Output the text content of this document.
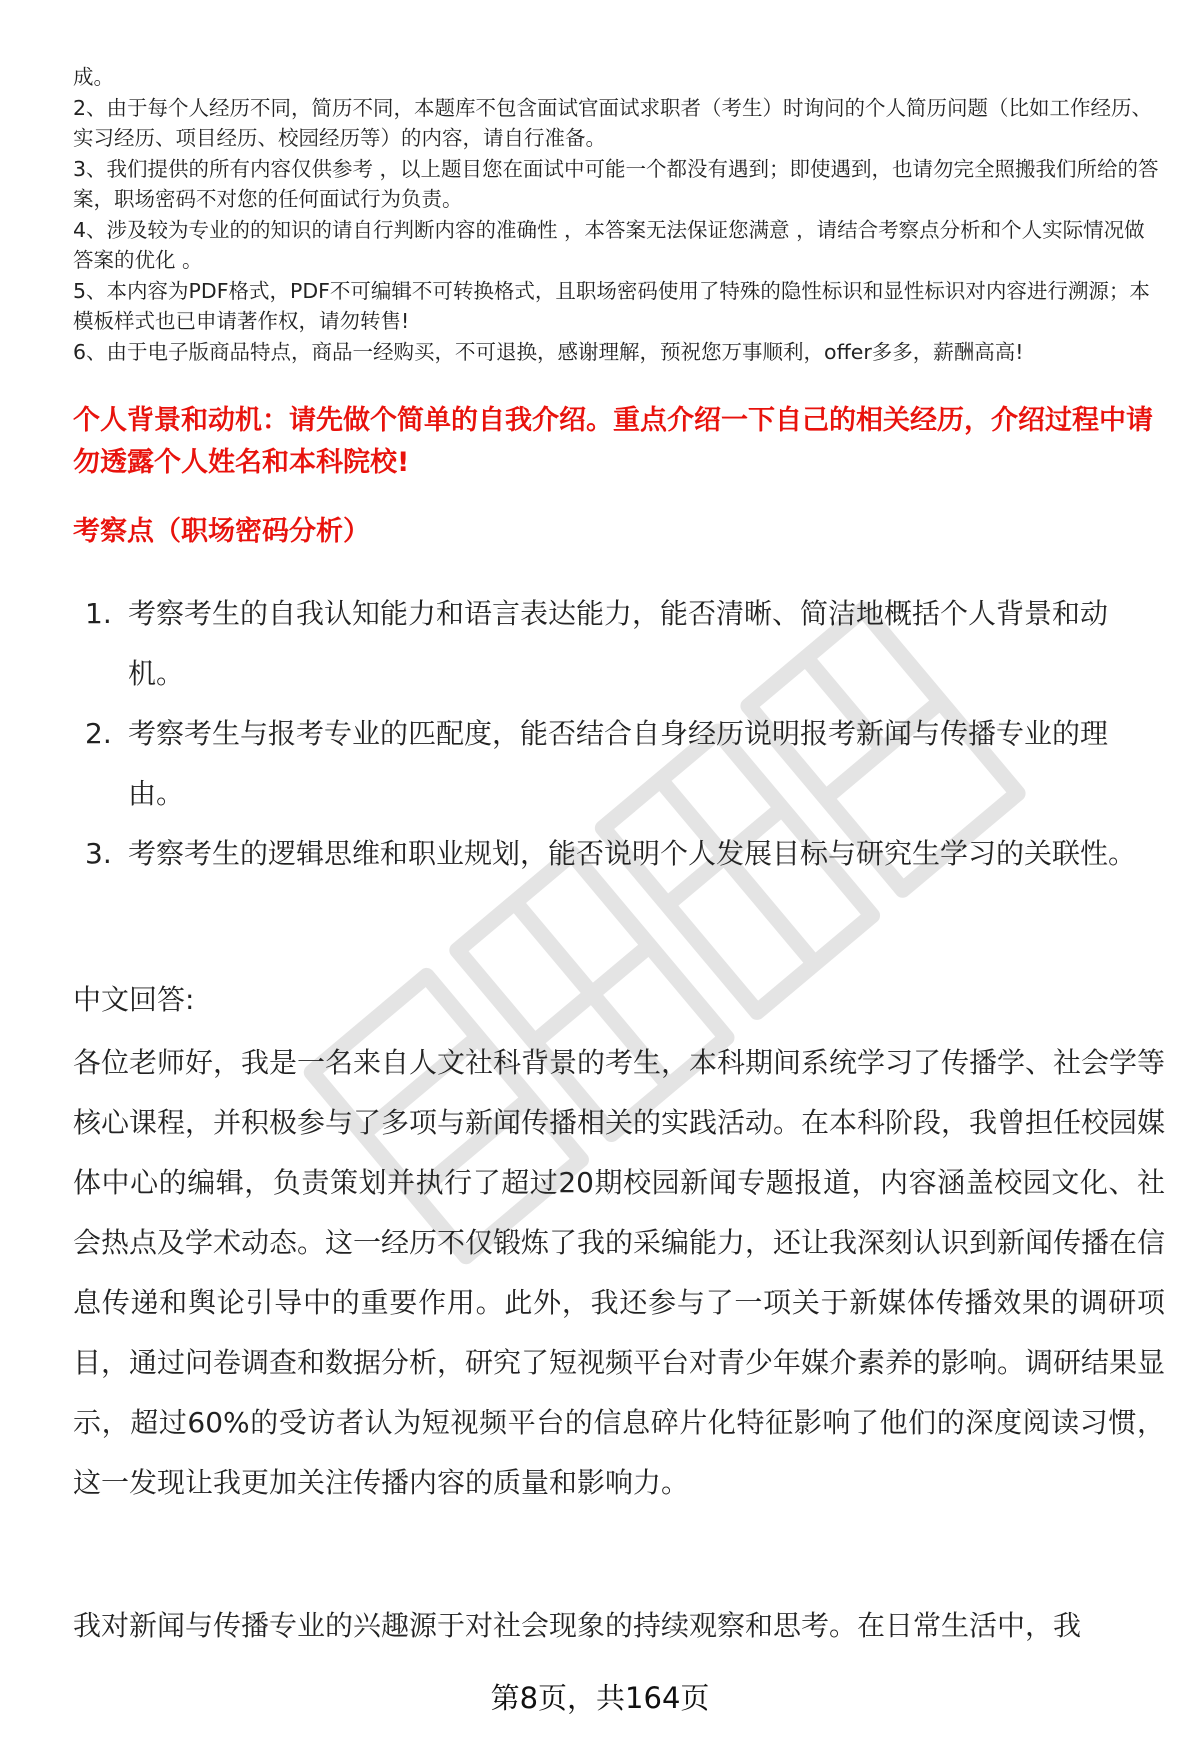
成。

2、由于每个人经历不同，简历不同，本题库不包含面试官面试求职者（考生）时询问的个人简历问题（比如工作经历、实习经历、项目经历、校园经历等）的内容，请自行准备。

3、我们提供的所有内容仅供参考 ，以上题目您在面试中可能一个都没有遇到；即使遇到，也请勿完全照搬我们所给的答案，职场密码不对您的任何面试行为负责。

4、涉及较为专业的的知识的请自行判断内容的准确性 ，本答案无法保证您满意 ，请结合考察点分析和个人实际情况做答案的优化 。

5、本内容为PDF格式，PDF不可编辑不可转换格式，且职场密码使用了特殊的隐性标识和显性标识对内容进行溯源；本模板样式也已申请著作权，请勿转售!

6、由于电子版商品特点，商品一经购买，不可退换，感谢理解，预祝您万事顺利，offer多多，薪酬高高!

个人背景和动机：请先做个简单的自我介绍。重点介绍一下自己的相关经历，介绍过程中请勿透露个人姓名和本科院校!
考察点（职场密码分析）
1. 考察考生的自我认知能力和语言表达能力，能否清晰、简洁地概括个人背景和动机。
2. 考察考生与报考专业的匹配度，能否结合自身经历说明报考新闻与传播专业的理由。
3. 考察考生的逻辑思维和职业规划，能否说明个人发展目标与研究生学习的关联性。
中文回答:
各位老师好，我是一名来自人文社科背景的考生，本科期间系统学习了传播学、社会学等核心课程，并积极参与了多项与新闻传播相关的实践活动。在本科阶段，我曾担任校园媒体中心的编辑，负责策划并执行了超过20期校园新闻专题报道，内容涵盖校园文化、社会热点及学术动态。这一经历不仅锻炼了我的采编能力，还让我深刻认识到新闻传播在信息传递和舆论引导中的重要作用。此外，我还参与了一项关于新媒体传播效果的调研项目，通过问卷调查和数据分析，研究了短视频平台对青少年媒介素养的影响。调研结果显示，超过60%的受访者认为短视频平台的信息碎片化特征影响了他们的深度阅读习惯，这一发现让我更加关注传播内容的质量和影响力。
我对新闻与传播专业的兴趣源于对社会现象的持续观察和思考。在日常生活中，我
第8页，共164页
